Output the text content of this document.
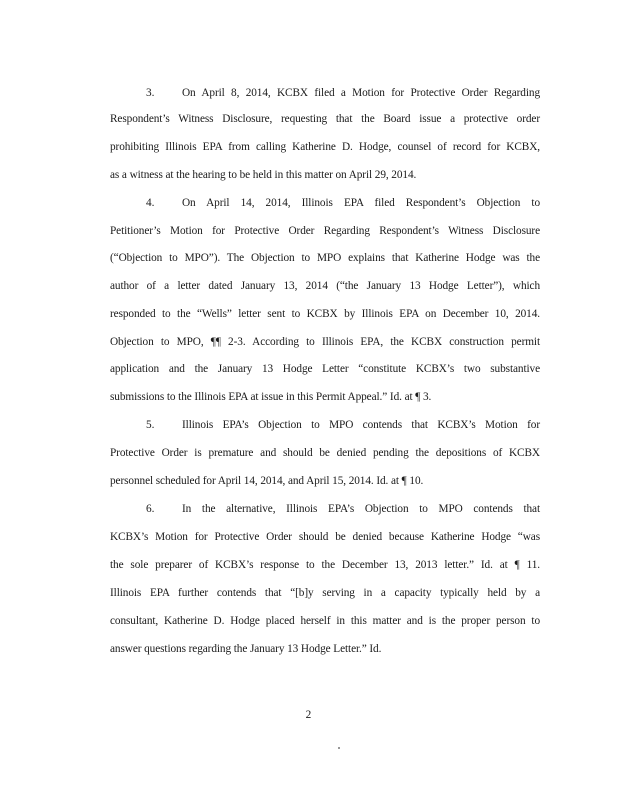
3. On April 8, 2014, KCBX filed a Motion for Protective Order Regarding
Respondent’s Witness Disclosure, requesting that the Board issue a protective order
prohibiting Illinois EPA from calling Katherine D. Hodge, counsel of record for KCBX,
as a witness at the hearing to be held in this matter on April 29, 2014.
4. On April 14, 2014, Illinois EPA filed Respondent’s Objection to
Petitioner’s Motion for Protective Order Regarding Respondent’s Witness Disclosure
(“Objection to MPO”). The Objection to MPO explains that Katherine Hodge was the
author of a letter dated January 13, 2014 (“the January 13 Hodge Letter”), which
responded to the “Wells” letter sent to KCBX by Illinois EPA on December 10, 2014.
Objection to MPO, ¶¶ 2-3. According to Illinois EPA, the KCBX construction permit
application and the January 13 Hodge Letter “constitute KCBX’s two substantive
submissions to the Illinois EPA at issue in this Permit Appeal.” Id. at ¶ 3.
5. Illinois EPA’s Objection to MPO contends that KCBX’s Motion for
Protective Order is premature and should be denied pending the depositions of KCBX
personnel scheduled for April 14, 2014, and April 15, 2014. Id. at ¶ 10.
6. In the alternative, Illinois EPA’s Objection to MPO contends that
KCBX’s Motion for Protective Order should be denied because Katherine Hodge “was
the sole preparer of KCBX’s response to the December 13, 2013 letter.” Id. at ¶ 11.
Illinois EPA further contends that “[b]y serving in a capacity typically held by a
consultant, Katherine D. Hodge placed herself in this matter and is the proper person to
answer questions regarding the January 13 Hodge Letter.” Id.
2
